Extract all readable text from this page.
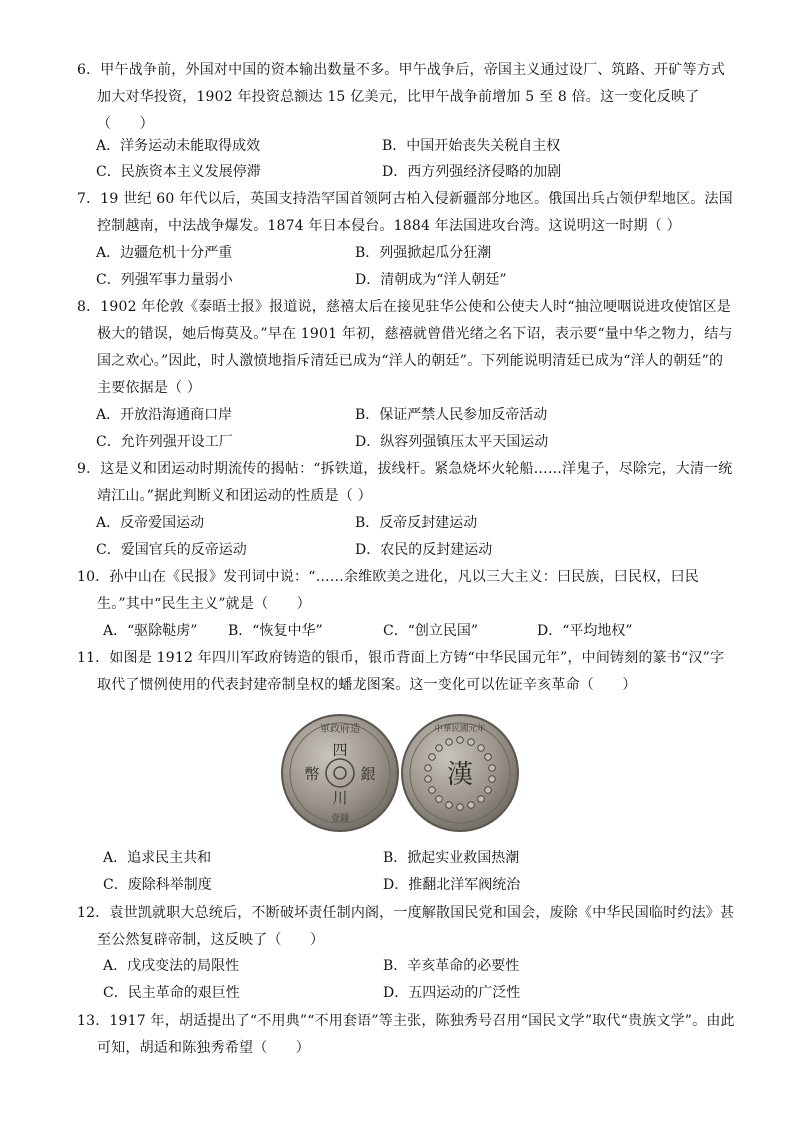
6．甲午战争前，外国对中国的资本输出数量不多。甲午战争后，帝国主义通过设厂、筑路、开矿等方式加大对华投资，1902 年投资总额达 15 亿美元，比甲午战争前增加 5 至 8 倍。这一变化反映了（　　）
A．洋务运动未能取得成效	B．中国开始丧失关税自主权
C．民族资本主义发展停滞	D．西方列强经济侵略的加剧
7．19 世纪 60 年代以后，英国支持浩罕国首领阿古柏入侵新疆部分地区。俄国出兵占领伊犁地区。法国控制越南，中法战争爆发。1874 年日本侵台。1884 年法国进攻台湾。这说明这一时期（ ）
A．边疆危机十分严重	B．列强掀起瓜分狂潮
C．列强军事力量弱小	D．清朝成为“洋人朝廷”
8．1902 年伦敦《泰晤士报》报道说，慈禧太后在接见驻华公使和公使夫人时“抽泣哽咽说进攻使馆区是极大的错误，她后悔莫及。”早在 1901 年初，慈禧就曾借光绪之名下诏，表示要“量中华之物力，结与国之欢心。”因此，时人激愤地指斥清廷已成为“洋人的朝廷”。下列能说明清廷已成为“洋人的朝廷”的主要依据是（ ）
A．开放沿海通商口岸	B．保证严禁人民参加反帝活动
C．允许列强开设工厂	D．纵容列强镇压太平天国运动
9．这是义和团运动时期流传的揭帖：“拆铁道，拔线杆。紧急烧坏火轮船……洋鬼子，尽除完，大清一统靖江山。”据此判断义和团运动的性质是（ ）
A．反帝爱国运动	B．反帝反封建运动
C．爱国官兵的反帝运动	D．农民的反封建运动
10．孙中山在《民报》发刊词中说：“……余维欧美之进化，凡以三大主义：曰民族，曰民权，曰民生。”其中“民生主义”就是（　　）
A．“驱除鞑虏” B．“恢复中华”	C．“创立民国”	D．“平均地权”
11．如图是 1912 年四川军政府铸造的银币，银币背面上方铸“中华民国元年”，中间铸刻的篆书“汉”字取代了惯例使用的代表封建帝制皇权的蟠龙图案。这一变化可以佐证辛亥革命（　　）
軍政府造
四
幣	銀
川
壹圓
中華民國元年
漢
A．追求民主共和	B．掀起实业救国热潮
C．废除科举制度	D．推翻北洋军阀统治
12．袁世凯就职大总统后，不断破坏责任制内阁，一度解散国民党和国会，废除《中华民国临时约法》甚至公然复辟帝制，这反映了（　　）
A．戊戌变法的局限性	B．辛亥革命的必要性
C．民主革命的艰巨性	D．五四运动的广泛性
13．1917 年，胡适提出了“不用典”“不用套语”等主张，陈独秀号召用“国民文学”取代“贵族文学”。由此可知，胡适和陈独秀希望（　　）
